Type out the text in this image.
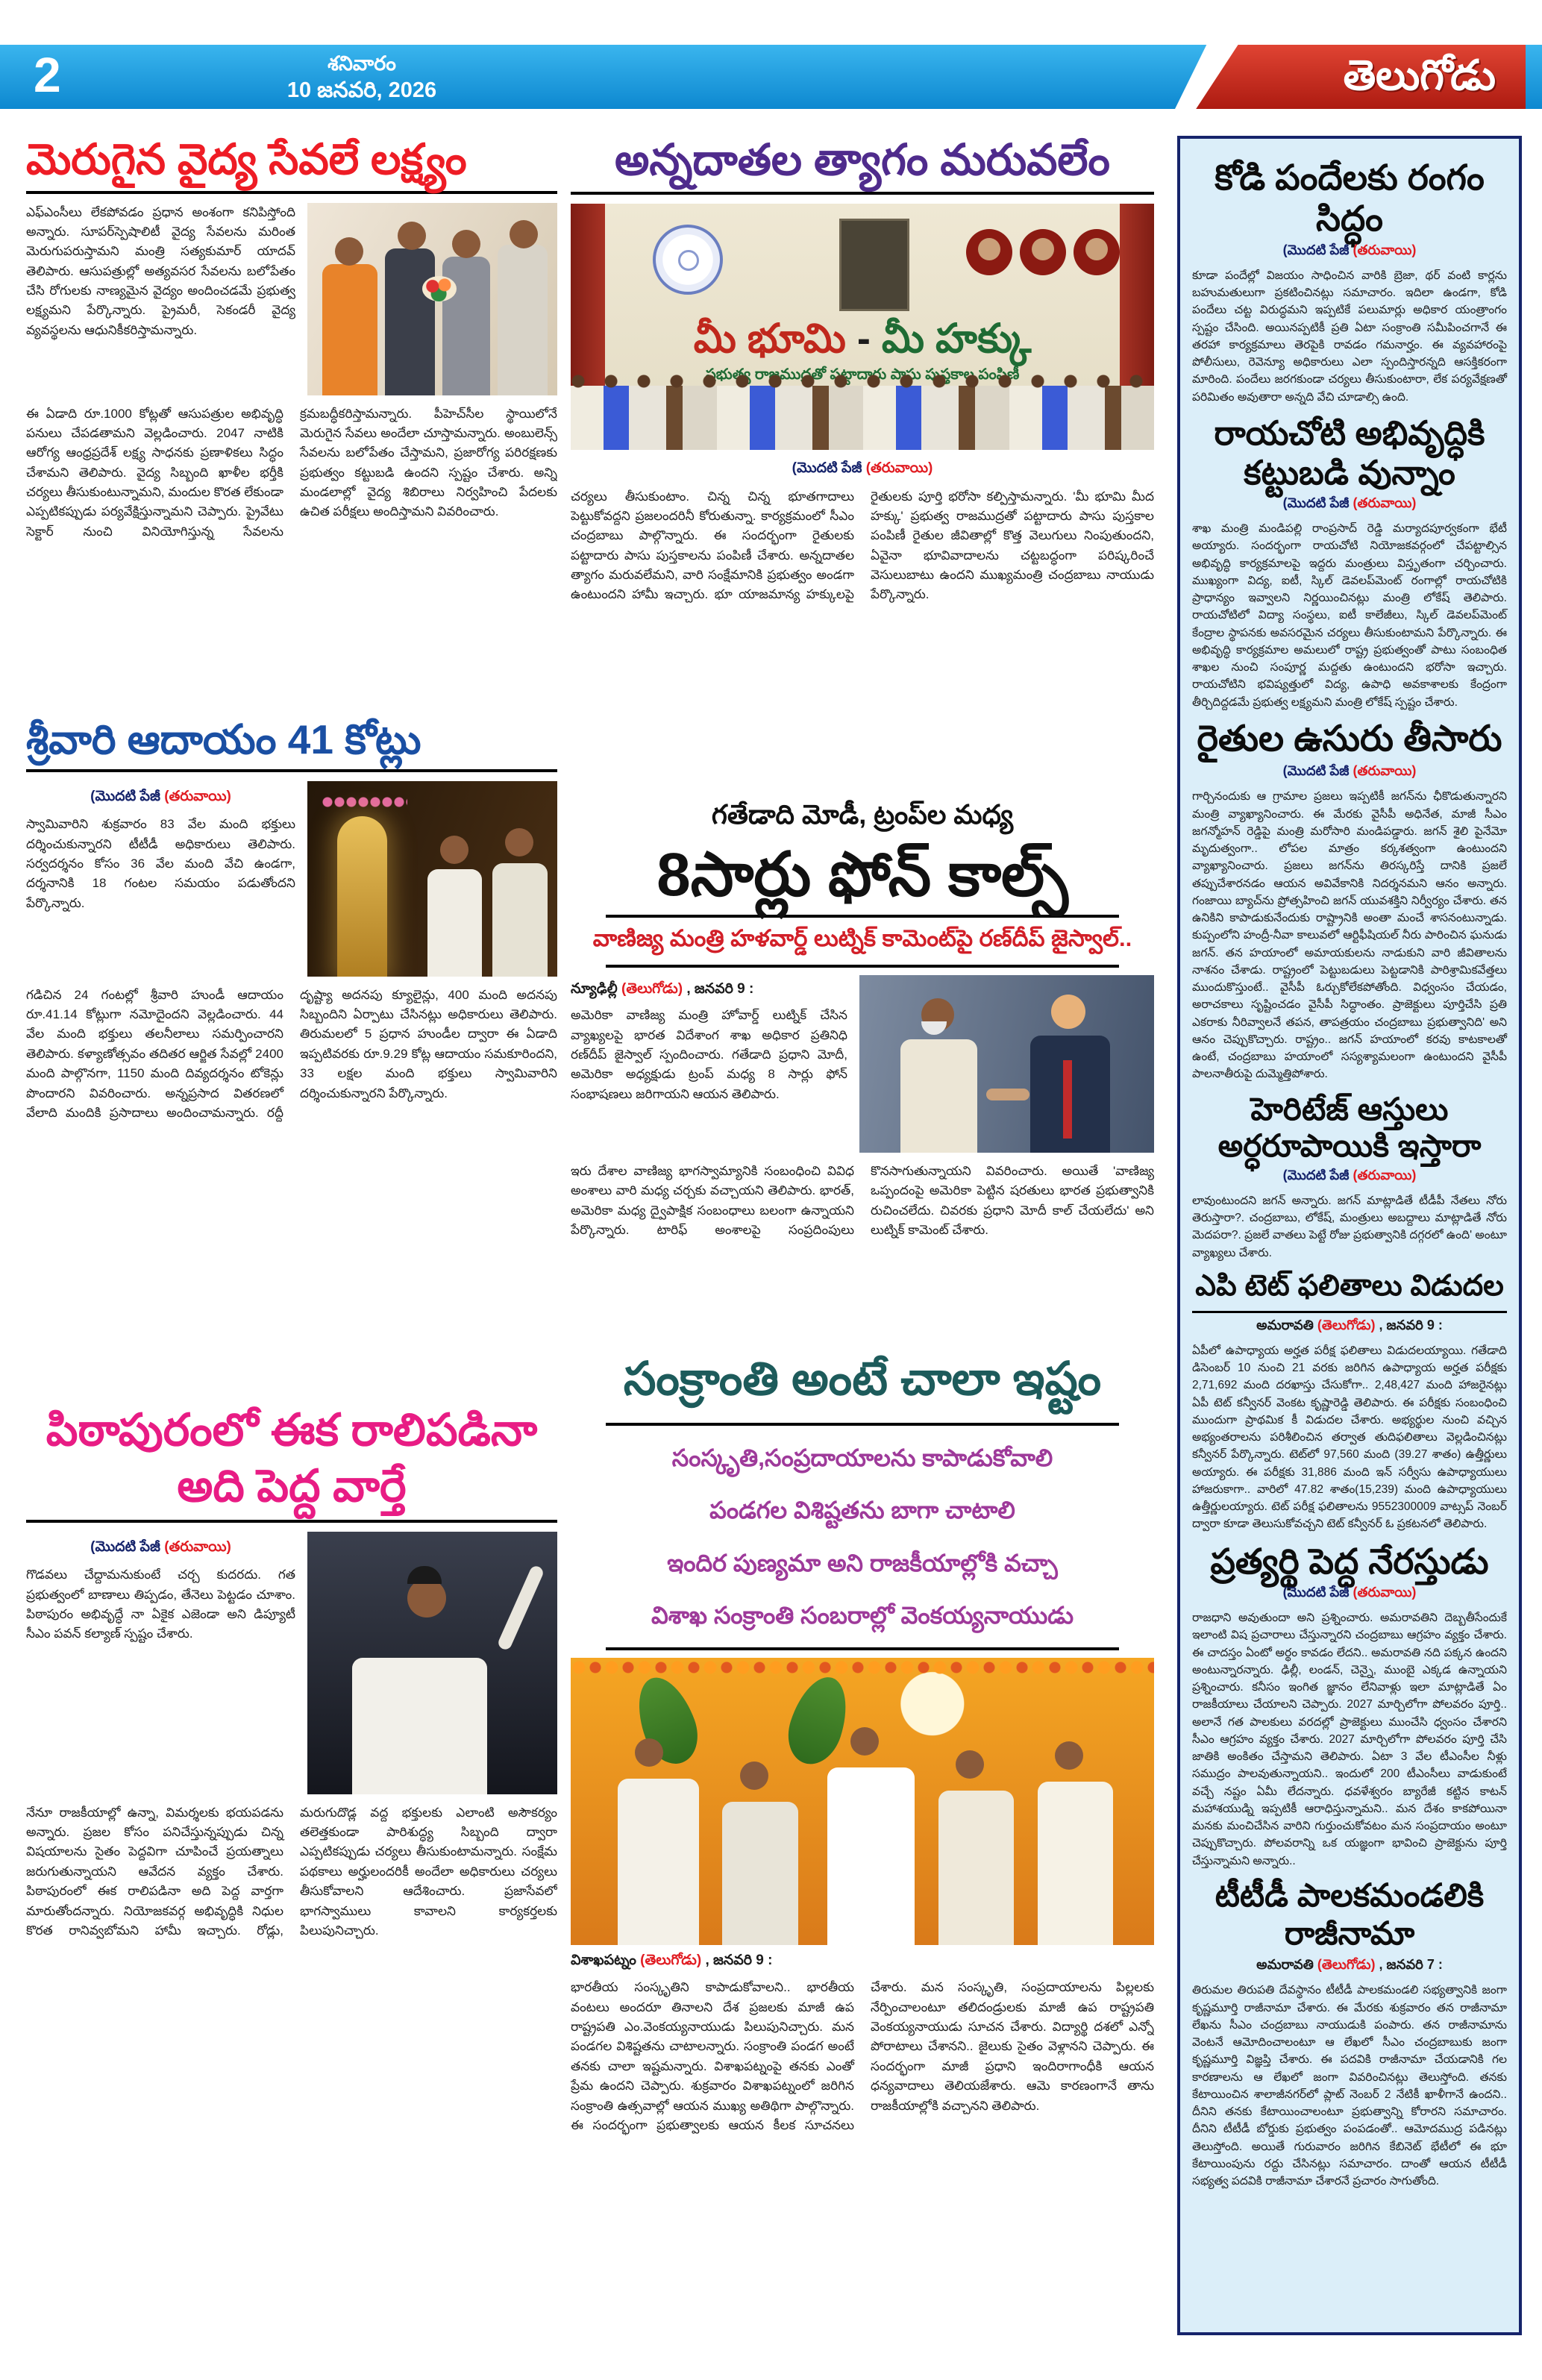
2	శనివారం
10 జనవరి, 2026	తెలుగోడు
మెరుగైన వైద్య సేవలే లక్ష్యం
ఎఫ్ఎంసీలు లేకపోవడం ప్రధాన అంశంగా కనిపిస్తోంది అన్నారు. సూపర్‌స్పెషాలిటీ వైద్య సేవలను మరింత మెరుగుపరుస్తామని మంత్రి సత్యకుమార్ యాదవ్ తెలిపారు. ఆసుపత్రుల్లో అత్యవసర సేవలను బలోపేతం చేసి రోగులకు నాణ్యమైన వైద్యం అందించడమే ప్రభుత్వ లక్ష్యమని పేర్కొన్నారు. ప్రైమరీ, సెకండరీ వైద్య వ్యవస్థలను ఆధునికీకరిస్తామన్నారు.
ఈ ఏడాది రూ.1000 కోట్లతో ఆసుపత్రుల అభివృద్ధి పనులు చేపడతామని వెల్లడించారు. 2047 నాటికి ఆరోగ్య ఆంధ్రప్రదేశ్ లక్ష్య సాధనకు ప్రణాళికలు సిద్ధం చేశామని తెలిపారు. వైద్య సిబ్బంది ఖాళీల భర్తీకి చర్యలు తీసుకుంటున్నామని, మందుల కొరత లేకుండా ఎప్పటికప్పుడు పర్యవేక్షిస్తున్నామని చెప్పారు. ప్రైవేటు సెక్టార్ నుంచి వినియోగిస్తున్న సేవలను క్రమబద్ధీకరిస్తామన్నారు. పీహెచ్‌సీల స్థాయిలోనే మెరుగైన సేవలు అందేలా చూస్తామన్నారు. అంబులెన్స్ సేవలను బలోపేతం చేస్తామని, ప్రజారోగ్య పరిరక్షణకు ప్రభుత్వం కట్టుబడి ఉందని స్పష్టం చేశారు. అన్ని మండలాల్లో వైద్య శిబిరాలు నిర్వహించి పేదలకు ఉచిత పరీక్షలు అందిస్తామని వివరించారు.
శ్రీవారి ఆదాయం 41 కోట్లు
(మొదటి పేజీ (తరువాయి)
స్వామివారిని శుక్రవారం 83 వేల మంది భక్తులు దర్శించుకున్నారని టీటీడీ అధికారులు తెలిపారు. సర్వదర్శనం కోసం 36 వేల మంది వేచి ఉండగా, దర్శనానికి 18 గంటల సమయం పడుతోందని పేర్కొన్నారు.
గడిచిన 24 గంటల్లో శ్రీవారి హుండీ ఆదాయం రూ.41.14 కోట్లుగా నమోదైందని వెల్లడించారు. 44 వేల మంది భక్తులు తలనీలాలు సమర్పించారని తెలిపారు. కళ్యాణోత్సవం తదితర ఆర్జిత సేవల్లో 2400 మంది పాల్గొనగా, 1150 మంది దివ్యదర్శనం టోకెన్లు పొందారని వివరించారు. అన్నప్రసాద వితరణలో వేలాది మందికి ప్రసాదాలు అందించామన్నారు. రద్దీ దృష్ట్యా అదనపు క్యూలైన్లు, 400 మంది అదనపు సిబ్బందిని ఏర్పాటు చేసినట్లు అధికారులు తెలిపారు. తిరుమలలో 5 ప్రధాన హుండీల ద్వారా ఈ ఏడాది ఇప్పటివరకు రూ.9.29 కోట్ల ఆదాయం సమకూరిందని, 33 లక్షల మంది భక్తులు స్వామివారిని దర్శించుకున్నారని పేర్కొన్నారు.
పిఠాపురంలో ఈక రాలిపడినా అది పెద్ద వార్తే
(మొదటి పేజీ (తరువాయి)
గొడవలు చేద్దామనుకుంటే చర్చ కుదరదు. గత ప్రభుత్వంలో బాణాలు తిప్పడం, తేనెలు పెట్టడం చూశాం. పిఠాపురం అభివృద్ధే నా ఏకైక ఎజెండా అని డిప్యూటీ సీఎం పవన్ కల్యాణ్ స్పష్టం చేశారు.
నేనూ రాజకీయాల్లో ఉన్నా, విమర్శలకు భయపడను అన్నారు. ప్రజల కోసం పనిచేస్తున్నప్పుడు చిన్న విషయాలను సైతం పెద్దవిగా చూపించే ప్రయత్నాలు జరుగుతున్నాయని ఆవేదన వ్యక్తం చేశారు. పిఠాపురంలో ఈక రాలిపడినా అది పెద్ద వార్తగా మారుతోందన్నారు. నియోజకవర్గ అభివృద్ధికి నిధుల కొరత రానివ్వబోమని హామీ ఇచ్చారు. రోడ్లు, మరుగుదొడ్ల వద్ద భక్తులకు ఎలాంటి అసౌకర్యం తలెత్తకుండా పారిశుద్ధ్య సిబ్బంది ద్వారా ఎప్పటికప్పుడు చర్యలు తీసుకుంటామన్నారు. సంక్షేమ పథకాలు అర్హులందరికీ అందేలా అధికారులు చర్యలు తీసుకోవాలని ఆదేశించారు. ప్రజాసేవలో భాగస్వాములు కావాలని కార్యకర్తలకు పిలుపునిచ్చారు.
అన్నదాతల త్యాగం మరువలేం
మీ భూమి - మీ హక్కు
(మొదటి పేజీ (తరువాయి)
చర్యలు తీసుకుంటాం. చిన్న చిన్న భూతగాదాలు పెట్టుకోవద్దని ప్రజలందరినీ కోరుతున్నా. కార్యక్రమంలో సీఎం చంద్రబాబు పాల్గొన్నారు. ఈ సందర్భంగా రైతులకు పట్టాదారు పాసు పుస్తకాలను పంపిణీ చేశారు. అన్నదాతల త్యాగం మరువలేమని, వారి సంక్షేమానికి ప్రభుత్వం అండగా ఉంటుందని హామీ ఇచ్చారు. భూ యాజమాన్య హక్కులపై రైతులకు పూర్తి భరోసా కల్పిస్తామన్నారు. 'మీ భూమి మీద హక్కు' ప్రభుత్వ రాజముద్రతో పట్టాదారు పాసు పుస్తకాల పంపిణీ రైతుల జీవితాల్లో కొత్త వెలుగులు నింపుతుందని, ఏవైనా భూవివాదాలను చట్టబద్ధంగా పరిష్కరించే వెసులుబాటు ఉందని ముఖ్యమంత్రి చంద్రబాబు నాయుడు పేర్కొన్నారు.
గతేడాది మోడీ, ట్రంప్‌ల మధ్య
8సార్లు ఫోన్ కాల్స్
వాణిజ్య మంత్రి హళవార్డ్ లుట్నిక్ కామెంట్‌పై రణ్‌దీప్ జైస్వాల్..
న్యూఢిల్లీ (తెలుగోడు) , జనవరి 9 :
అమెరికా వాణిజ్య మంత్రి హోవార్డ్ లుట్నిక్ చేసిన వ్యాఖ్యలపై భారత విదేశాంగ శాఖ అధికార ప్రతినిధి రణ్‌దీప్ జైస్వాల్ స్పందించారు. గతేడాది ప్రధాని మోదీ, అమెరికా అధ్యక్షుడు ట్రంప్ మధ్య 8 సార్లు ఫోన్ సంభాషణలు జరిగాయని ఆయన తెలిపారు.
ఇరు దేశాల వాణిజ్య భాగస్వామ్యానికి సంబంధించి వివిధ అంశాలు వారి మధ్య చర్చకు వచ్చాయని తెలిపారు. భారత్, అమెరికా మధ్య ద్వైపాక్షిక సంబంధాలు బలంగా ఉన్నాయని పేర్కొన్నారు. టారిఫ్ అంశాలపై సంప్రదింపులు కొనసాగుతున్నాయని వివరించారు. అయితే 'వాణిజ్య ఒప్పందంపై అమెరికా పెట్టిన షరతులు భారత ప్రభుత్వానికి రుచించలేదు. చివరకు ప్రధాని మోదీ కాల్ చేయలేదు' అని లుట్నిక్ కామెంట్ చేశారు.
సంక్రాంతి అంటే చాలా ఇష్టం
సంస్కృతి,సంప్రదాయాలను కాపాడుకోవాలి
పండగల విశిష్టతను బాగా చాటాలి
ఇందిర పుణ్యమా అని రాజకీయాల్లోకి వచ్చా
విశాఖ సంక్రాంతి సంబరాల్లో వెంకయ్యనాయుడు
విశాఖపట్నం (తెలుగోడు) , జనవరి 9 :
భారతీయ సంస్కృతిని కాపాడుకోవాలని.. భారతీయ వంటలు అందరూ తినాలని దేశ ప్రజలకు మాజీ ఉప రాష్ట్రపతి ఎం.వెంకయ్యనాయుడు పిలుపునిచ్చారు. మన పండగల విశిష్టతను చాటాలన్నారు. సంక్రాంతి పండగ అంటే తనకు చాలా ఇష్టమన్నారు. విశాఖపట్నంపై తనకు ఎంతో ప్రేమ ఉందని చెప్పారు. శుక్రవారం విశాఖపట్నంలో జరిగిన సంక్రాంతి ఉత్సవాల్లో ఆయన ముఖ్య అతిథిగా పాల్గొన్నారు. ఈ సందర్భంగా ప్రభుత్వాలకు ఆయన కీలక సూచనలు చేశారు. మన సంస్కృతి, సంప్రదాయాలను పిల్లలకు నేర్పించాలంటూ తలిదండ్రులకు మాజీ ఉప రాష్ట్రపతి వెంకయ్యనాయుడు సూచన చేశారు. విద్యార్థి దశలో ఎన్నో పోరాటాలు చేశానని.. జైలుకు సైతం వెళ్లానని చెప్పారు. ఈ సందర్భంగా మాజీ ప్రధాని ఇందిరాగాంధీకి ఆయన ధన్యవాదాలు తెలియజేశారు. ఆమె కారణంగానే తాను రాజకీయాల్లోకి వచ్చానని తెలిపారు.
కోడి పందేలకు రంగం సిద్ధం
(మొదటి పేజీ (తరువాయి)
కూడా పందేల్లో విజయం సాధించిన వారికి బ్రెజా, థర్ వంటి కార్లను బహుమతులుగా ప్రకటించినట్లు సమాచారం. ఇదిలా ఉండగా, కోడి పందేలు చట్ట విరుద్ధమని ఇప్పటికే పలుమార్లు అధికార యంత్రాంగం స్పష్టం చేసింది. అయినప్పటికీ ప్రతి ఏటా సంక్రాంతి సమీపించగానే ఈ తరహా కార్యక్రమాలు తెరపైకి రావడం గమనార్హం. ఈ వ్యవహారంపై పోలీసులు, రెవెన్యూ అధికారులు ఎలా స్పందిస్తారన్నది ఆసక్తికరంగా మారింది. పందేలు జరగకుండా చర్యలు తీసుకుంటారా, లేక పర్యవేక్షణతో పరిమితం అవుతారా అన్నది వేచి చూడాల్సి ఉంది.
రాయచోటి అభివృద్ధికి కట్టుబడి వున్నాం
(మొదటి పేజీ (తరువాయి)
శాఖ మంత్రి మండిపల్లి రాంప్రసాద్ రెడ్డి మర్యాదపూర్వకంగా భేటీ అయ్యారు. సందర్భంగా రాయచోటి నియోజకవర్గంలో చేపట్టాల్సిన అభివృద్ధి కార్యక్రమాలపై ఇద్దరు మంత్రులు విస్తృతంగా చర్చించారు. ముఖ్యంగా విద్య, ఐటీ, స్కిల్ డెవలప్‌మెంట్ రంగాల్లో రాయచోటికి ప్రాధాన్యం ఇవ్వాలని నిర్ణయించినట్లు మంత్రి లోకేష్ తెలిపారు. రాయచోటిలో విద్యా సంస్థలు, ఐటీ కాలేజీలు, స్కిల్ డెవలప్‌మెంట్ కేంద్రాల స్థాపనకు అవసరమైన చర్యలు తీసుకుంటామని పేర్కొన్నారు. ఈ అభివృద్ధి కార్యక్రమాల అమలులో రాష్ట్ర ప్రభుత్వంతో పాటు సంబంధిత శాఖల నుంచి సంపూర్ణ మద్దతు ఉంటుందని భరోసా ఇచ్చారు. రాయచోటిని భవిష్యత్తులో విద్య, ఉపాధి అవకాశాలకు కేంద్రంగా తీర్చిదిద్దడమే ప్రభుత్వ లక్ష్యమని మంత్రి లోకేష్ స్పష్టం చేశారు.
రైతుల ఉసురు తీసారు
(మొదటి పేజీ (తరువాయి)
గార్చినందుకు ఆ గ్రామాల ప్రజలు ఇప్పటికీ జగన్‌ను ఛీకొడుతున్నారని మంత్రి వ్యాఖ్యానించారు. ఈ మేరకు వైసీపీ అధినేత, మాజీ సీఎం జగన్మోహన్ రెడ్డిపై మంత్రి మరోసారి మండిపడ్డారు. జగన్ శైలి పైనేమో మృదుత్వంగా.. లోపల మాత్రం కర్కశత్వంగా ఉంటుందని వ్యాఖ్యానించారు. ప్రజలు జగన్‌ను తిరస్కరిస్తే దానికి ప్రజలే తప్పుచేశారనడం ఆయన అవివేకానికి నిదర్శనమని ఆనం అన్నారు. గంజాయి బ్యాచ్‌ను ప్రోత్సహించి జగన్ యువశక్తిని నిర్వీర్యం చేశారు. తన ఉనికిని కాపాడుకునేందుకు రాష్ట్రానికి అంతా మంచే శాసనంటున్నాడు. కుప్పంలోని హంద్రీ-నీవా కాలువలో ఆర్టిఫీషియల్ నీరు పారించిన ఘనుడు జగన్. తన హయాంలో అమాయకులను నాడుకుని వారి జీవితాలను నాశనం చేశాడు. రాష్ట్రంలో పెట్టుబడులు పెట్టడానికి పారిశ్రామికవేత్తలు ముందుకొస్తుంటే.. వైసీపీ ఓర్చుకోలేకపోతోంది. విధ్వంసం చేయడం, అరాచకాలు సృష్టించడం వైసీపీ సిద్ధాంతం. ప్రాజెక్టులు పూర్తిచేసి ప్రతి ఎకరాకు నీరివ్వాలనే తపన, తాపత్రయం చంద్రబాబు ప్రభుత్వానిది' అని ఆనం చెప్పుకొచ్చారు. రాష్ట్రం.. జగన్ హయాంలో కరవు కాటకాలతో ఉంటే, చంద్రబాబు హయాంలో సస్యశ్యామలంగా ఉంటుందని వైసీపీ పాలనాతీరుపై దుమ్మెత్తిపోశారు.
హెరిటేజ్ ఆస్తులు అర్ధరూపాయికి ఇస్తారా
(మొదటి పేజీ (తరువాయి)
లావుంటుందని జగన్ అన్నారు. జగన్ మాట్లాడితే టీడీపీ నేతలు నోరు తెరుస్తారా?. చంద్రబాబు, లోకేష్, మంత్రులు అబద్దాలు మాట్లాడితే నోరు మెదపరా?. ప్రజలే వాతలు పెట్టే రోజు ప్రభుత్వానికి దగ్గరలో ఉంది' అంటూ వ్యాఖ్యలు చేశారు.
ఎపి టెట్ ఫలితాలు విడుదల
అమరావతి (తెలుగోడు) , జనవరి 9 :
ఏపీలో ఉపాధ్యాయ అర్హత పరీక్ష ఫలితాలు విడుదలయ్యాయి. గతేడాది డిసెంబర్ 10 నుంచి 21 వరకు జరిగిన ఉపాధ్యాయ అర్హత పరీక్షకు 2,71,692 మంది దరఖాస్తు చేసుకోగా.. 2,48,427 మంది హాజరైనట్లు ఏపీ టెట్ కన్వీనర్ వెంకట కృష్ణారెడ్డి తెలిపారు. ఈ పరీక్షకు సంబంధించి ముందుగా ప్రాథమిక కీ విడుదల చేశారు. అభ్యర్థుల నుంచి వచ్చిన అభ్యంతరాలను పరిశీలించిన తర్వాత తుదిఫలితాలు వెల్లడించినట్లు కన్వీనర్ పేర్కొన్నారు. టెట్‌లో 97,560 మంది (39.27 శాతం) ఉత్తీర్ణులు అయ్యారు. ఈ పరీక్షకు 31,886 మంది ఇన్ సర్వీసు ఉపాధ్యాయులు హాజరుకాగా.. వారిలో 47.82 శాతం(15,239) మంది ఉపాధ్యాయులు ఉత్తీర్ణులయ్యారు. టెట్ పరీక్ష ఫలితాలను 9552300009 వాట్సప్ నెంబర్ ద్వారా కూడా తెలుసుకోవచ్చని టెట్ కన్వీనర్ ఓ ప్రకటనలో తెలిపారు.
ప్రత్యర్థి పెద్ద నేరస్తుడు
(మొదటి పేజీ (తరువాయి)
రాజధాని అవుతుందా అని ప్రశ్నించారు. అమరావతిని దెబ్బతీసేందుకే ఇలాంటి విష ప్రచారాలు చేస్తున్నారని చంద్రబాబు ఆగ్రహం వ్యక్తం చేశారు. ఈ చాదస్తం ఏంటో అర్థం కావడం లేదని.. అమరావతి నది పక్కన ఉందని అంటున్నారన్నారు. ఢిల్లీ, లండన్, చెన్నై, ముంబై ఎక్కడ ఉన్నాయని ప్రశ్నించారు. కనీసం ఇంగిత జ్ఞానం లేనివాళ్లు ఇలా మాట్లాడితే ఏం రాజకీయాలు చేయాలని చెప్పారు. 2027 మార్చిలోగా పోలవరం పూర్తి.. అలానే గత పాలకులు వరదల్లో ప్రాజెక్టులు ముంచేసి ధ్వంసం చేశారని సీఎం ఆగ్రహం వ్యక్తం చేశారు. 2027 మార్చిలోగా పోలవరం పూర్తి చేసి జాతికి అంకితం చేస్తామని తెలిపారు. ఏటా 3 వేల టీఎంసీల నీళ్లు సముద్రం పాలవుతున్నాయని.. ఇందులో 200 టీఎంసీలు వాడుకుంటే వచ్చే నష్టం ఏమీ లేదన్నారు. ధవళేశ్వరం బ్యారేజీ కట్టిన కాటన్ మహాశయుడ్ని ఇప్పటికీ ఆరాధిస్తున్నామని.. మన దేశం కాకపోయినా మనకు మంచిచేసిన వారిని గుర్తుంచుకోవటం మన సంప్రదాయం అంటూ చెప్పుకొచ్చారు. పోలవరాన్ని ఒక యజ్ఞంగా భావించి ప్రాజెక్టును పూర్తి చేస్తున్నామని అన్నారు..
టీటీడీ పాలకమండలికి రాజీనామా
అమరావతి (తెలుగోడు) , జనవరి 7 :
తిరుమల తిరుపతి దేవస్థానం టీటీడీ పాలకమండలి సభ్యత్వానికి జంగా కృష్ణమూర్తి రాజీనామా చేశారు. ఈ మేరకు శుక్రవారం తన రాజీనామా లేఖను సీఎం చంద్రబాబు నాయుడుకి పంపారు. తన రాజీనామాను వెంటనే ఆమోదించాలంటూ ఆ లేఖలో సీఎం చంద్రబాబుకు జంగా కృష్ణమూర్తి విజ్ఞప్తి చేశారు. ఈ పదవికి రాజీనామా చేయడానికి గల కారణాలను ఆ లేఖలో జంగా వివరించినట్లు తెలుస్తోంది. తనకు కేటాయించిన శాలాజీనగర్‌లో ప్లాట్ నెంబర్ 2 నేటికీ ఖాళీగానే ఉందని.. దీనిని తనకు కేటాయించాలంటూ ప్రభుత్వాన్ని కోరారని సమాచారం. దీనిని టీటీడీ బోర్డుకు ప్రభుత్వం పంపడంతో.. ఆమోదముద్ర పడినట్లు తెలుస్తోంది. అయితే గురువారం జరిగిన కేబినెట్ భేటీలో ఈ భూ కేటాయింపును రద్దు చేసినట్లు సమాచారం. దాంతో ఆయన టీటీడీ సభ్యత్వ పదవికి రాజీనామా చేశారనే ప్రచారం సాగుతోంది.
